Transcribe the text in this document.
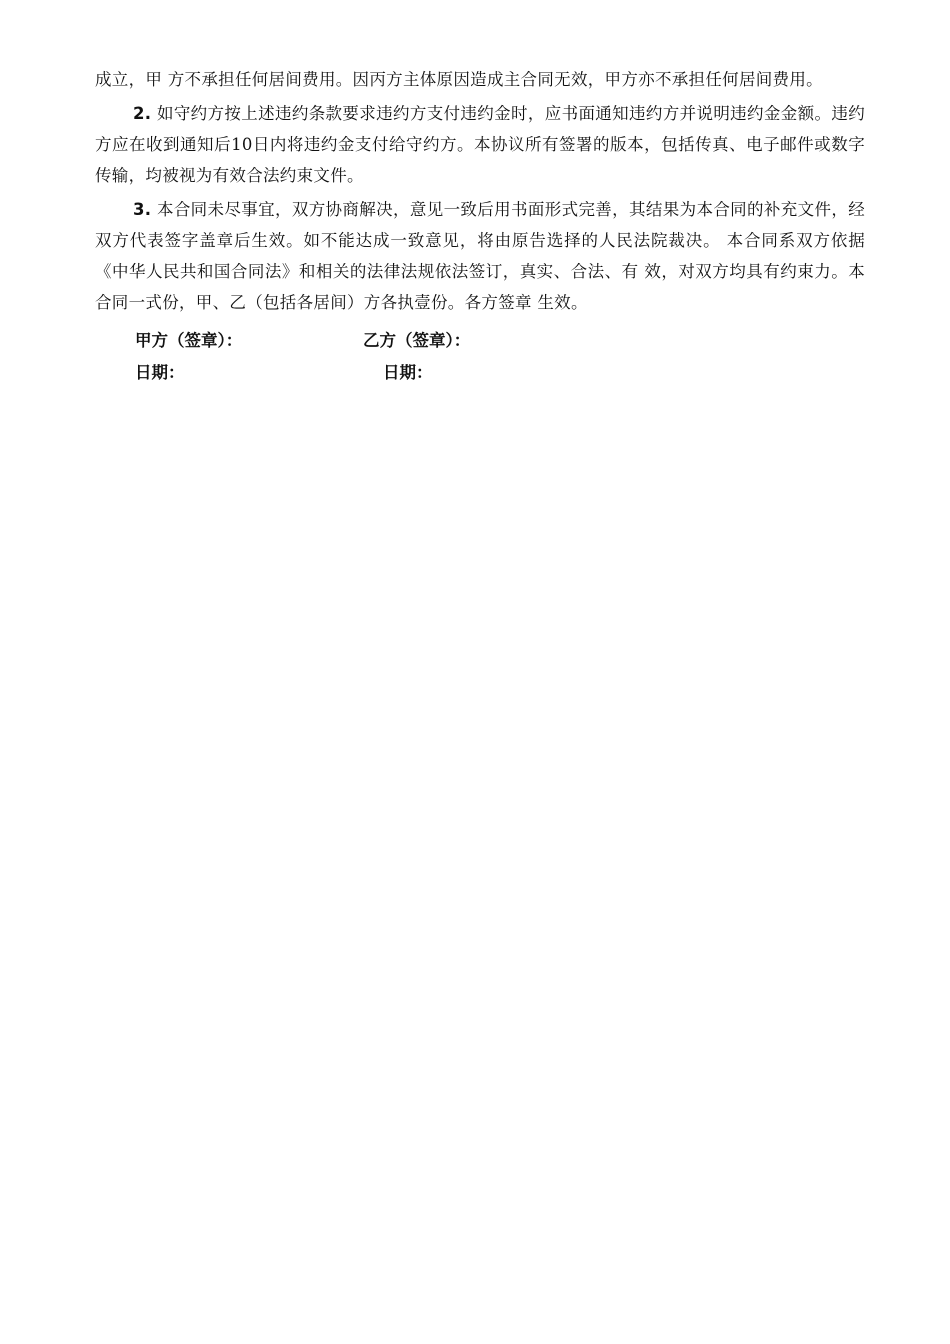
成立，甲 方不承担任何居间费用。因丙方主体原因造成主合同无效，甲方亦不承担任何居间费用。

2. 如守约方按上述违约条款要求违约方支付违约金时，应书面通知违约方并说明违约金金额。违约方应在收到通知后10日内将违约金支付给守约方。本协议所有签署的版本，包括传真、电子邮件或数字传输，均被视为有效合法约束文件。

3. 本合同未尽事宜，双方协商解决，意见一致后用书面形式完善，其结果为本合同的补充文件，经双方代表签字盖章后生效。如不能达成一致意见，将由原告选择的人民法院裁决。 本合同系双方依据《中华人民共和国合同法》和相关的法律法规依法签订，真实、合法、有 效，对双方均具有约束力。本合同一式份，甲、乙（包括各居间）方各执壹份。各方签章 生效。

甲方（签章）：	乙方（签章）：
日期：	日期：
